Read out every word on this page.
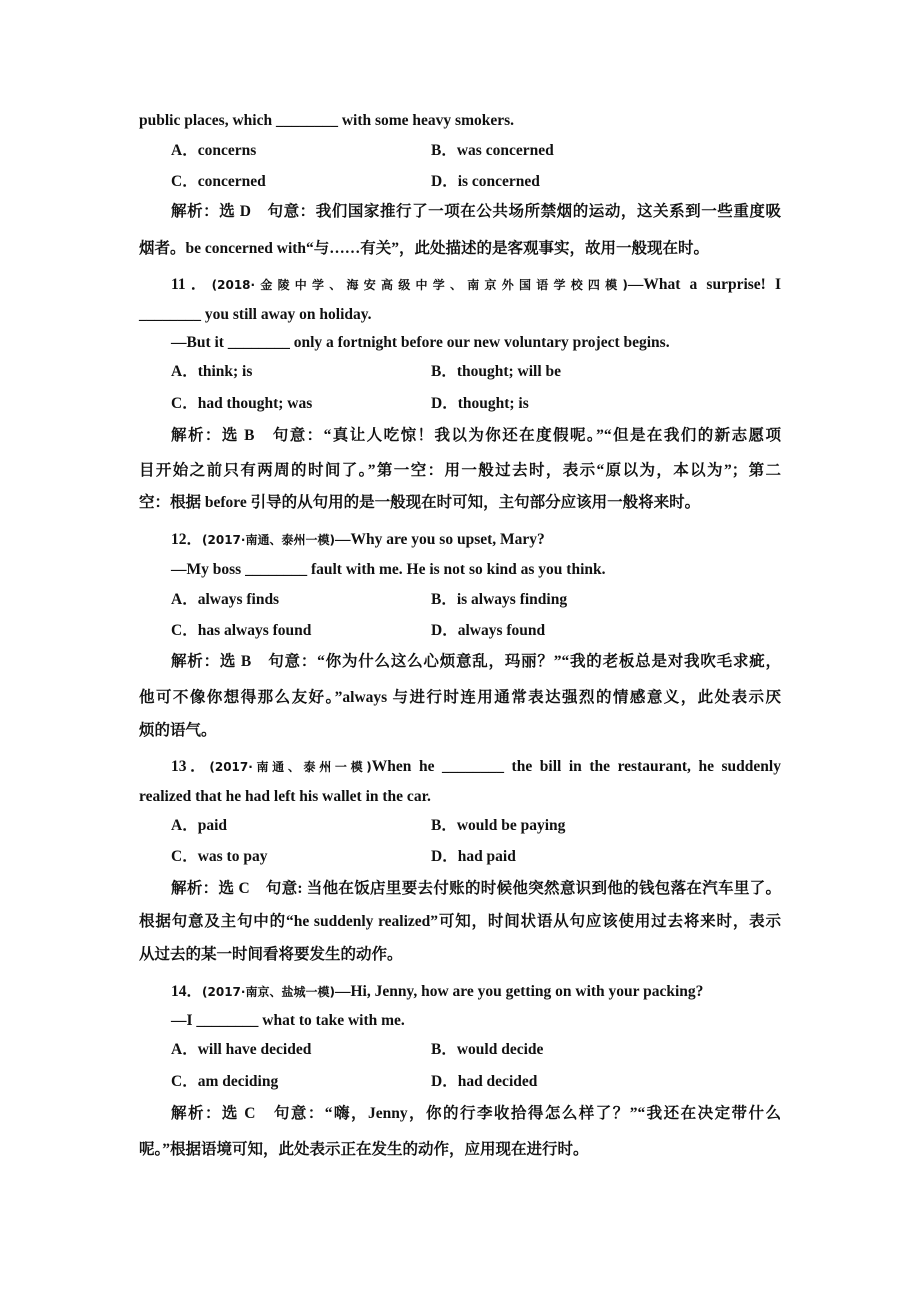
public places, which ________ with some heavy smokers.
A．concerns	B．was concerned
C．concerned	D．is concerned
解析：选 D　句意：我们国家推行了一项在公共场所禁烟的运动，这关系到一些重度吸
烟者。be concerned with“与……有关”，此处描述的是客观事实，故用一般现在时。
11．(2018·金陵中学、海安高级中学、南京外国语学校四模)—What a surprise! I
________ you still away on holiday.
—But it ________ only a fortnight before our new voluntary project begins.
A．think; is	B．thought; will be
C．had thought; was	D．thought; is
解析：选 B　句意：“真让人吃惊！我以为你还在度假呢。”“但是在我们的新志愿项
目开始之前只有两周的时间了。”第一空：用一般过去时，表示“原以为，本以为”；第二
空：根据 before 引导的从句用的是一般现在时可知，主句部分应该用一般将来时。
12．(2017·南通、泰州一模)—Why are you so upset, Mary?
—My boss ________ fault with me. He is not so kind as you think.
A．always finds	B．is always finding
C．has always found	D．always found
解析：选 B　句意：“你为什么这么心烦意乱，玛丽？”“我的老板总是对我吹毛求疵，
他可不像你想得那么友好。”always 与进行时连用通常表达强烈的情感意义，此处表示厌
烦的语气。
13．(2017·南通、泰州一模)When he ________ the bill in the restaurant, he suddenly
realized that he had left his wallet in the car.
A．paid	B．would be paying
C．was to pay	D．had paid
解析：选 C　句意: 当他在饭店里要去付账的时候他突然意识到他的钱包落在汽车里了。
根据句意及主句中的“he suddenly realized”可知，时间状语从句应该使用过去将来时，表示
从过去的某一时间看将要发生的动作。
14．(2017·南京、盐城一模)—Hi, Jenny, how are you getting on with your packing?
—I ________ what to take with me.
A．will have decided	B．would decide
C．am deciding	D．had decided
解析：选 C　句意：“嗨，Jenny，你的行李收拾得怎么样了？”“我还在决定带什么
呢。”根据语境可知，此处表示正在发生的动作，应用现在进行时。
